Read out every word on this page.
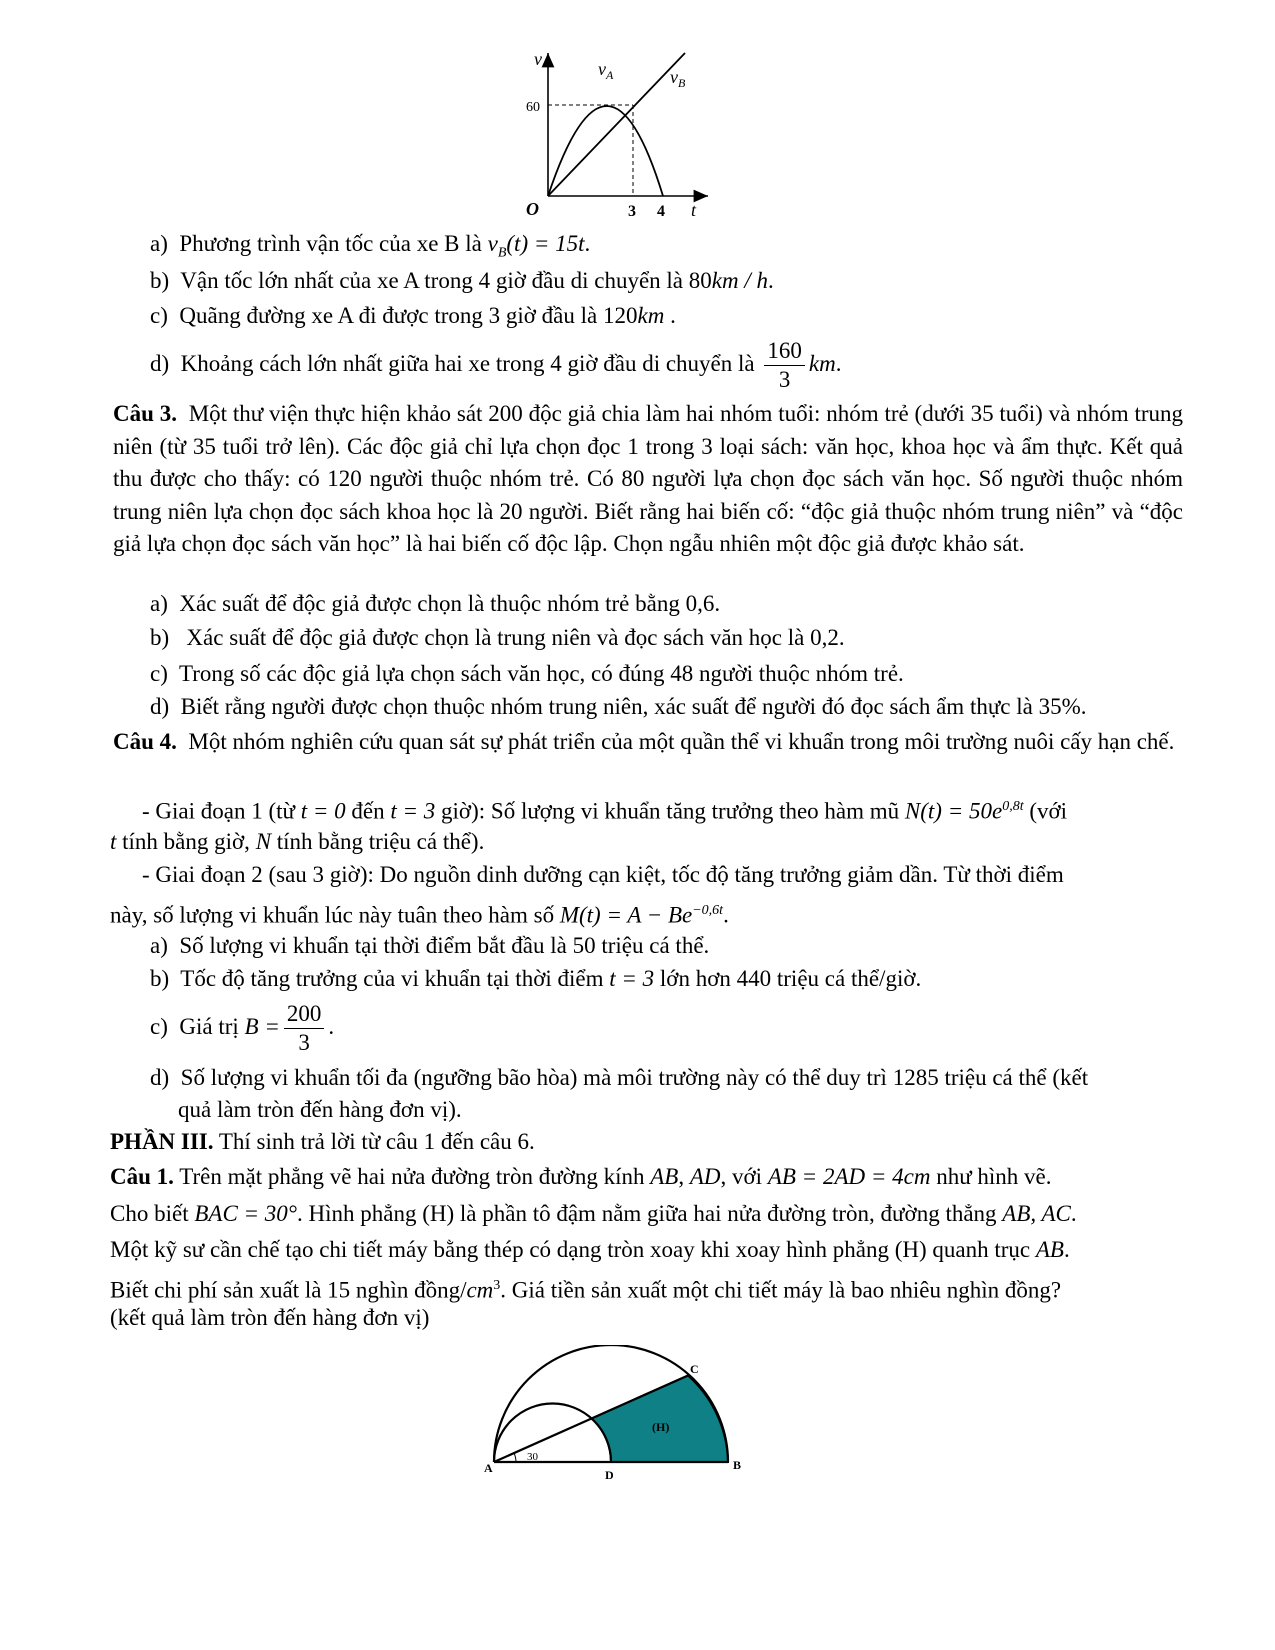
v	$v_A$	$v_B$
60
O	3 4 t
a) Phương trình vận tốc của xe B là $v_B(t) = 15t$.
b) Vận tốc lớn nhất của xe A trong 4 giờ đầu di chuyển là 80km / h.
c) Quãng đường xe A đi được trong 3 giờ đầu là 120km .
d) Khoảng cách lớn nhất giữa hai xe trong 4 giờ đầu di chuyển là $\frac{160}{3}$ km.
Câu 3. Một thư viện thực hiện khảo sát 200 độc giả chia làm hai nhóm tuổi: nhóm trẻ (dưới 35 tuổi) và nhóm trung niên (từ 35 tuổi trở lên). Các độc giả chỉ lựa chọn đọc 1 trong 3 loại sách: văn học, khoa học và ẩm thực. Kết quả thu được cho thấy: có 120 người thuộc nhóm trẻ. Có 80 người lựa chọn đọc sách văn học. Số người thuộc nhóm trung niên lựa chọn đọc sách khoa học là 20 người. Biết rằng hai biến cố: “độc giả thuộc nhóm trung niên” và “độc giả lựa chọn đọc sách văn học” là hai biến cố độc lập. Chọn ngẫu nhiên một độc giả được khảo sát.
a) Xác suất để độc giả được chọn là thuộc nhóm trẻ bằng 0,6.
b) Xác suất để độc giả được chọn là trung niên và đọc sách văn học là 0,2.
c) Trong số các độc giả lựa chọn sách văn học, có đúng 48 người thuộc nhóm trẻ.
d) Biết rằng người được chọn thuộc nhóm trung niên, xác suất để người đó đọc sách ẩm thực là 35%.
Câu 4. Một nhóm nghiên cứu quan sát sự phát triển của một quần thể vi khuẩn trong môi trường nuôi cấy hạn chế.
- Giai đoạn 1 (từ t = 0 đến t = 3 giờ): Số lượng vi khuẩn tăng trưởng theo hàm mũ $N(t) = 50e^{0,8t}$ (với
t tính bằng giờ, N tính bằng triệu cá thể).
- Giai đoạn 2 (sau 3 giờ): Do nguồn dinh dưỡng cạn kiệt, tốc độ tăng trưởng giảm dần. Từ thời điểm
này, số lượng vi khuẩn lúc này tuân theo hàm số $M(t) = A - Be^{-0,6t}$.
a) Số lượng vi khuẩn tại thời điểm bắt đầu là 50 triệu cá thể.
b) Tốc độ tăng trưởng của vi khuẩn tại thời điểm t = 3 lớn hơn 440 triệu cá thể/giờ.
c) Giá trị $B = \frac{200}{3}$ .
d) Số lượng vi khuẩn tối đa (ngưỡng bão hòa) mà môi trường này có thể duy trì 1285 triệu cá thể (kết
quả làm tròn đến hàng đơn vị).
PHẦN III. Thí sinh trả lời từ câu 1 đến câu 6.
Câu 1. Trên mặt phẳng vẽ hai nửa đường tròn đường kính AB, AD, với AB = 2AD = 4cm như hình vẽ.
Cho biết BAC = 30°. Hình phẳng (H) là phần tô đậm nằm giữa hai nửa đường tròn, đường thẳng AB, AC.
Một kỹ sư cần chế tạo chi tiết máy bằng thép có dạng tròn xoay khi xoay hình phẳng (H) quanh trục AB.
Biết chi phí sản xuất là 15 nghìn đồng/$cm^3$. Giá tiền sản xuất một chi tiết máy là bao nhiêu nghìn đồng?
(kết quả làm tròn đến hàng đơn vị)
30
A	D
B
C
(H)
